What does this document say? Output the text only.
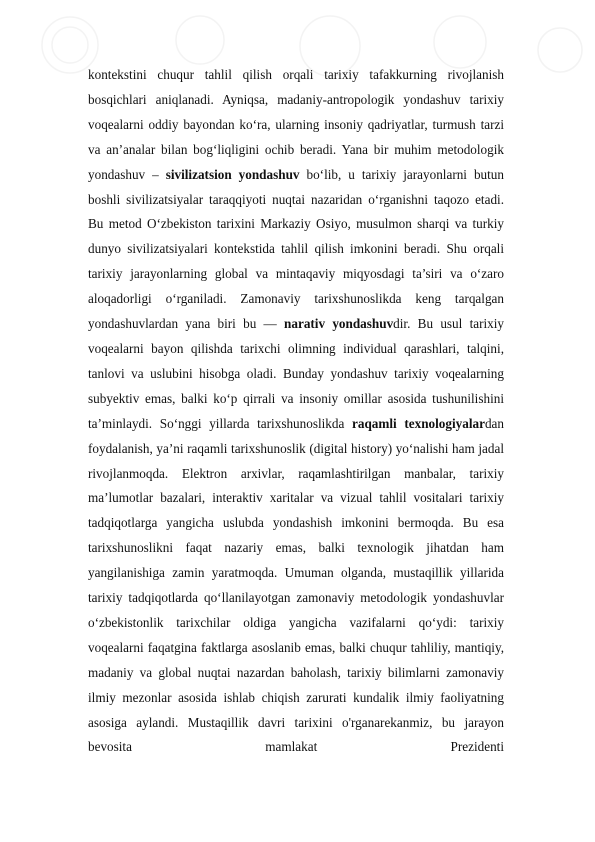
kontekstini chuqur tahlil qilish orqali tarixiy tafakkurning rivojlanish bosqichlari aniqlanadi. Ayniqsa, madaniy-antropologik yondashuv tarixiy voqealarni oddiy bayondan ko‘ra, ularning insoniy qadriyatlar, turmush tarzi va an’analar bilan bog‘liqligini ochib beradi. Yana bir muhim metodologik yondashuv – sivilizatsion yondashuv bo‘lib, u tarixiy jarayonlarni butun boshli sivilizatsiyalar taraqqiyoti nuqtai nazaridan o‘rganishni taqozo etadi. Bu metod O‘zbekiston tarixini Markaziy Osiyo, musulmon sharqi va turkiy dunyo sivilizatsiyalari kontekstida tahlil qilish imkonini beradi. Shu orqali tarixiy jarayonlarning global va mintaqaviy miqyosdagi ta’siri va o‘zaro aloqadorligi o‘rganiladi. Zamonaviy tarixshunoslikda keng tarqalgan yondashuvlardan yana biri bu — narativ yondashuvdir. Bu usul tarixiy voqealarni bayon qilishda tarixchi olimning individual qarashlari, talqini, tanlovi va uslubini hisobga oladi. Bunday yondashuv tarixiy voqealarning subyektiv emas, balki ko‘p qirrali va insoniy omillar asosida tushunilishini ta’minlaydi. So‘nggi yillarda tarixshunoslikda raqamli texnologiyalardan foydalanish, ya’ni raqamli tarixshunoslik (digital history) yo‘nalishi ham jadal rivojlanmoqda. Elektron arxivlar, raqamlashtirilgan manbalar, tarixiy ma’lumotlar bazalari, interaktiv xaritalar va vizual tahlil vositalari tarixiy tadqiqotlarga yangicha uslubda yondashish imkonini bermoqda. Bu esa tarixshunoslikni faqat nazariy emas, balki texnologik jihatdan ham yangilanishiga zamin yaratmoqda. Umuman olganda, mustaqillik yillarida tarixiy tadqiqotlarda qo‘llanilayotgan zamonaviy metodologik yondashuvlar o‘zbekistonlik tarixchilar oldiga yangicha vazifalarni qo‘ydi: tarixiy voqealarni faqatgina faktlarga asoslanib emas, balki chuqur tahliliy, mantiqiy, madaniy va global nuqtai nazardan baholash, tarixiy bilimlarni zamonaviy ilmiy mezonlar asosida ishlab chiqish zarurati kundalik ilmiy faoliyatning asosiga aylandi. Mustaqillik davri tarixini o'rganarekanmiz, bu jarayon bevosita mamlakat Prezidenti
